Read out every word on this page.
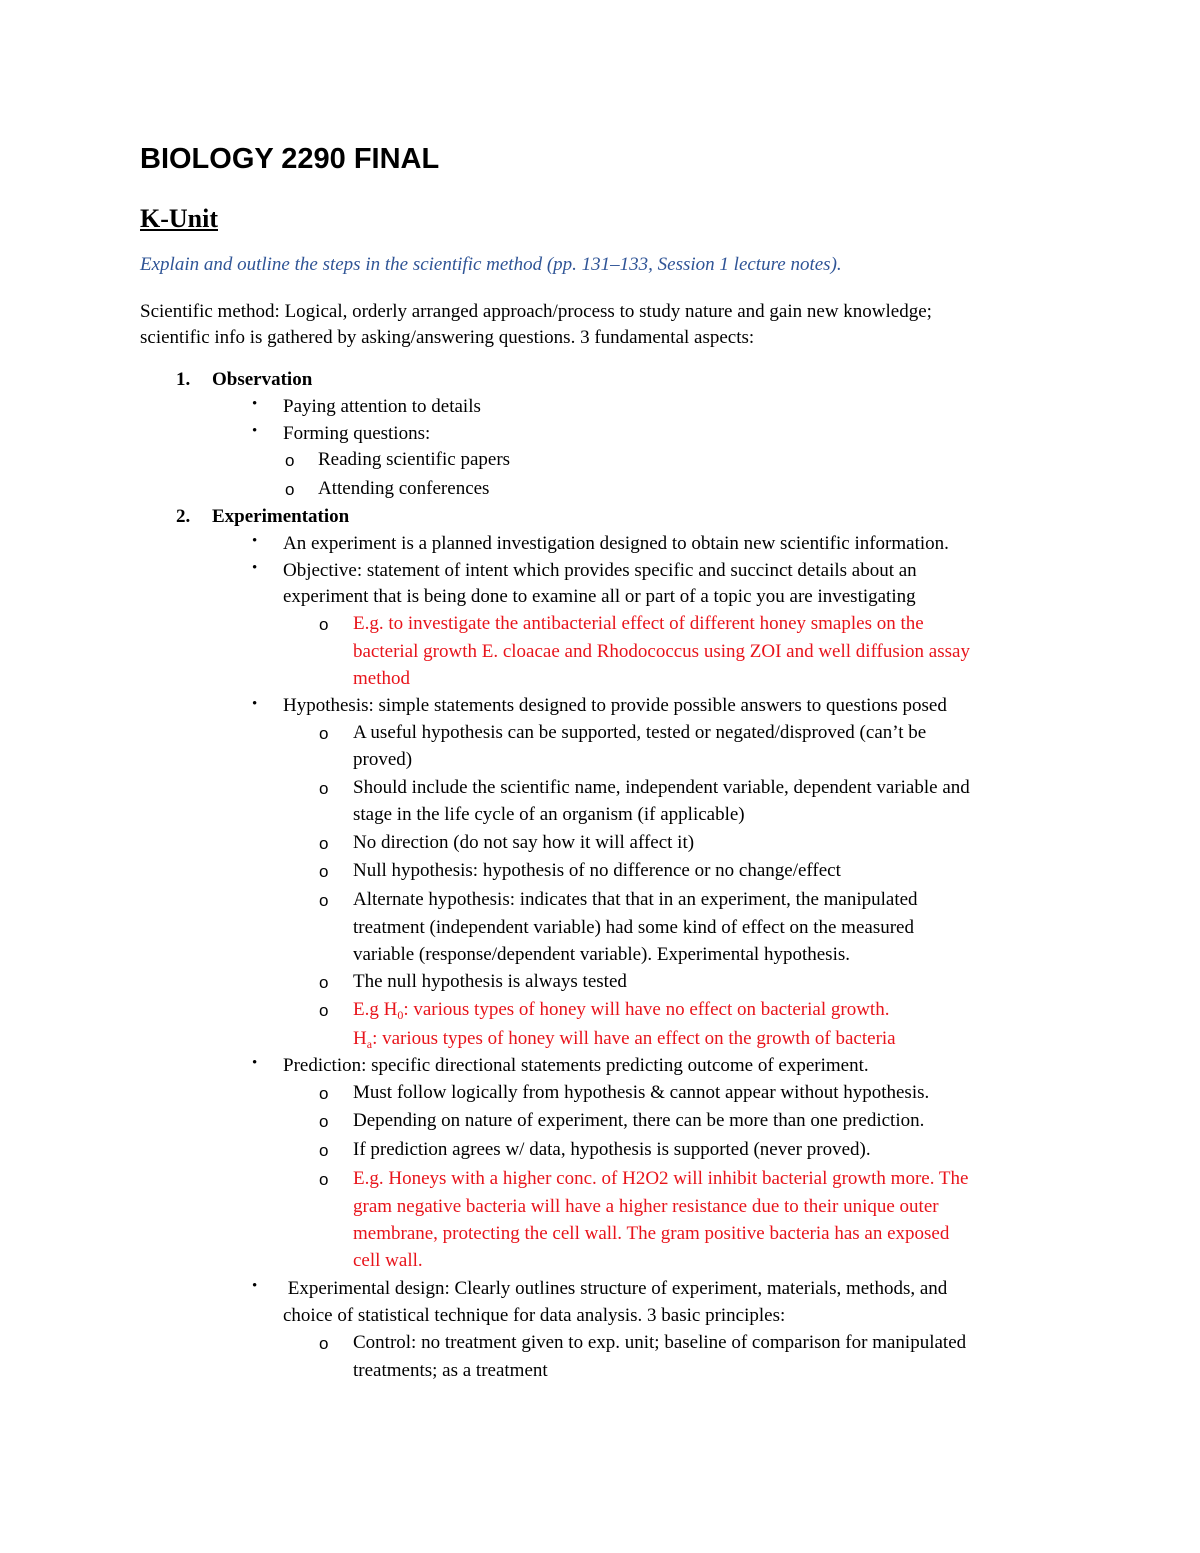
BIOLOGY 2290 FINAL
K-Unit
Explain and outline the steps in the scientific method (pp. 131–133, Session 1 lecture notes).
Scientific method: Logical, orderly arranged approach/process to study nature and gain new knowledge;
scientific info is gathered by asking/answering questions. 3 fundamental aspects:
1. Observation
• Paying attention to details
• Forming questions:
o Reading scientific papers
o Attending conferences
2. Experimentation
• An experiment is a planned investigation designed to obtain new scientific information.
• Objective: statement of intent which provides specific and succinct details about an
experiment that is being done to examine all or part of a topic you are investigating
o E.g. to investigate the antibacterial effect of different honey smaples on the
bacterial growth E. cloacae and Rhodococcus using ZOI and well diffusion assay
method
• Hypothesis: simple statements designed to provide possible answers to questions posed
o A useful hypothesis can be supported, tested or negated/disproved (can’t be
proved)
o Should include the scientific name, independent variable, dependent variable and
stage in the life cycle of an organism (if applicable)
o No direction (do not say how it will affect it)
o Null hypothesis: hypothesis of no difference or no change/effect
o Alternate hypothesis: indicates that that in an experiment, the manipulated
treatment (independent variable) had some kind of effect on the measured
variable (response/dependent variable). Experimental hypothesis.
o The null hypothesis is always tested
o E.g $H_0$: various types of honey will have no effect on bacterial growth.
$H_a$: various types of honey will have an effect on the growth of bacteria
• Prediction: specific directional statements predicting outcome of experiment.
o Must follow logically from hypothesis & cannot appear without hypothesis.
o Depending on nature of experiment, there can be more than one prediction.
o If prediction agrees w/ data, hypothesis is supported (never proved).
o E.g. Honeys with a higher conc. of H2O2 will inhibit bacterial growth more. The
gram negative bacteria will have a higher resistance due to their unique outer
membrane, protecting the cell wall. The gram positive bacteria has an exposed
cell wall.
• Experimental design: Clearly outlines structure of experiment, materials, methods, and
choice of statistical technique for data analysis. 3 basic principles:
o Control: no treatment given to exp. unit; baseline of comparison for manipulated
treatments; as a treatment
